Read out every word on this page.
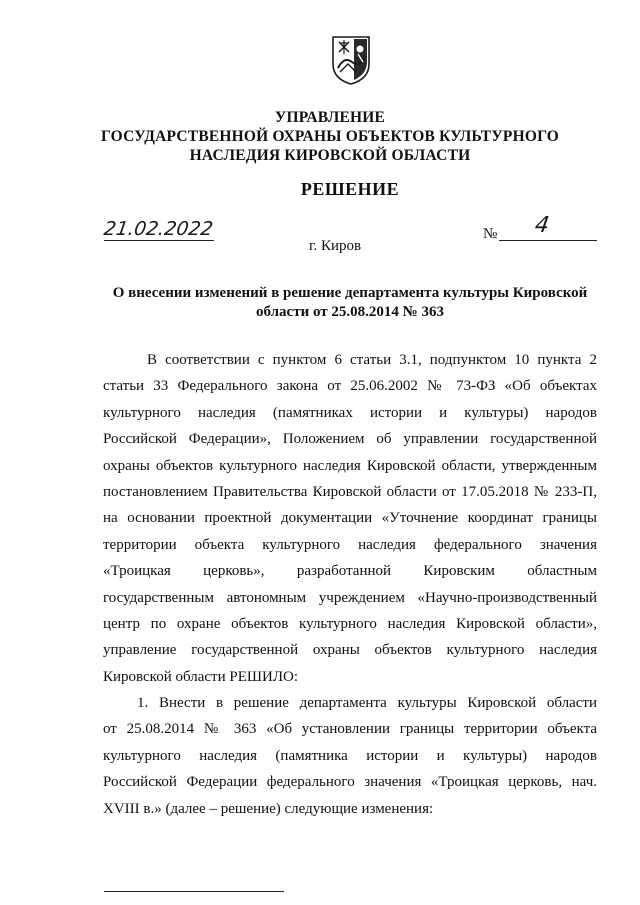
УПРАВЛЕНИЕ
ГОСУДАРСТВЕННОЙ ОХРАНЫ ОБЪЕКТОВ КУЛЬТУРНОГО
НАСЛЕДИЯ КИРОВСКОЙ ОБЛАСТИ
РЕШЕНИЕ
21.02.2022	№ 4
г. Киров
О внесении изменений в решение департамента культуры Кировской
области от 25.08.2014 № 363
В соответствии с пунктом 6 статьи 3.1, подпунктом 10 пункта 2
статьи 33 Федерального закона от 25.06.2002 № 73-ФЗ «Об объектах
культурного наследия (памятниках истории и культуры) народов
Российской Федерации», Положением об управлении государственной
охраны объектов культурного наследия Кировской области, утвержденным
постановлением Правительства Кировской области от 17.05.2018 № 233-П,
на основании проектной документации «Уточнение координат границы
территории объекта культурного наследия федерального значения
«Троицкая церковь», разработанной Кировским областным
государственным автономным учреждением «Научно-производственный
центр по охране объектов культурного наследия Кировской области»,
управление государственной охраны объектов культурного наследия
Кировской области РЕШИЛО:
1. Внести в решение департамента культуры Кировской области
от 25.08.2014 № 363 «Об установлении границы территории объекта
культурного наследия (памятника истории и культуры) народов
Российской Федерации федерального значения «Троицкая церковь, нач.
XVIII в.» (далее – решение) следующие изменения:
